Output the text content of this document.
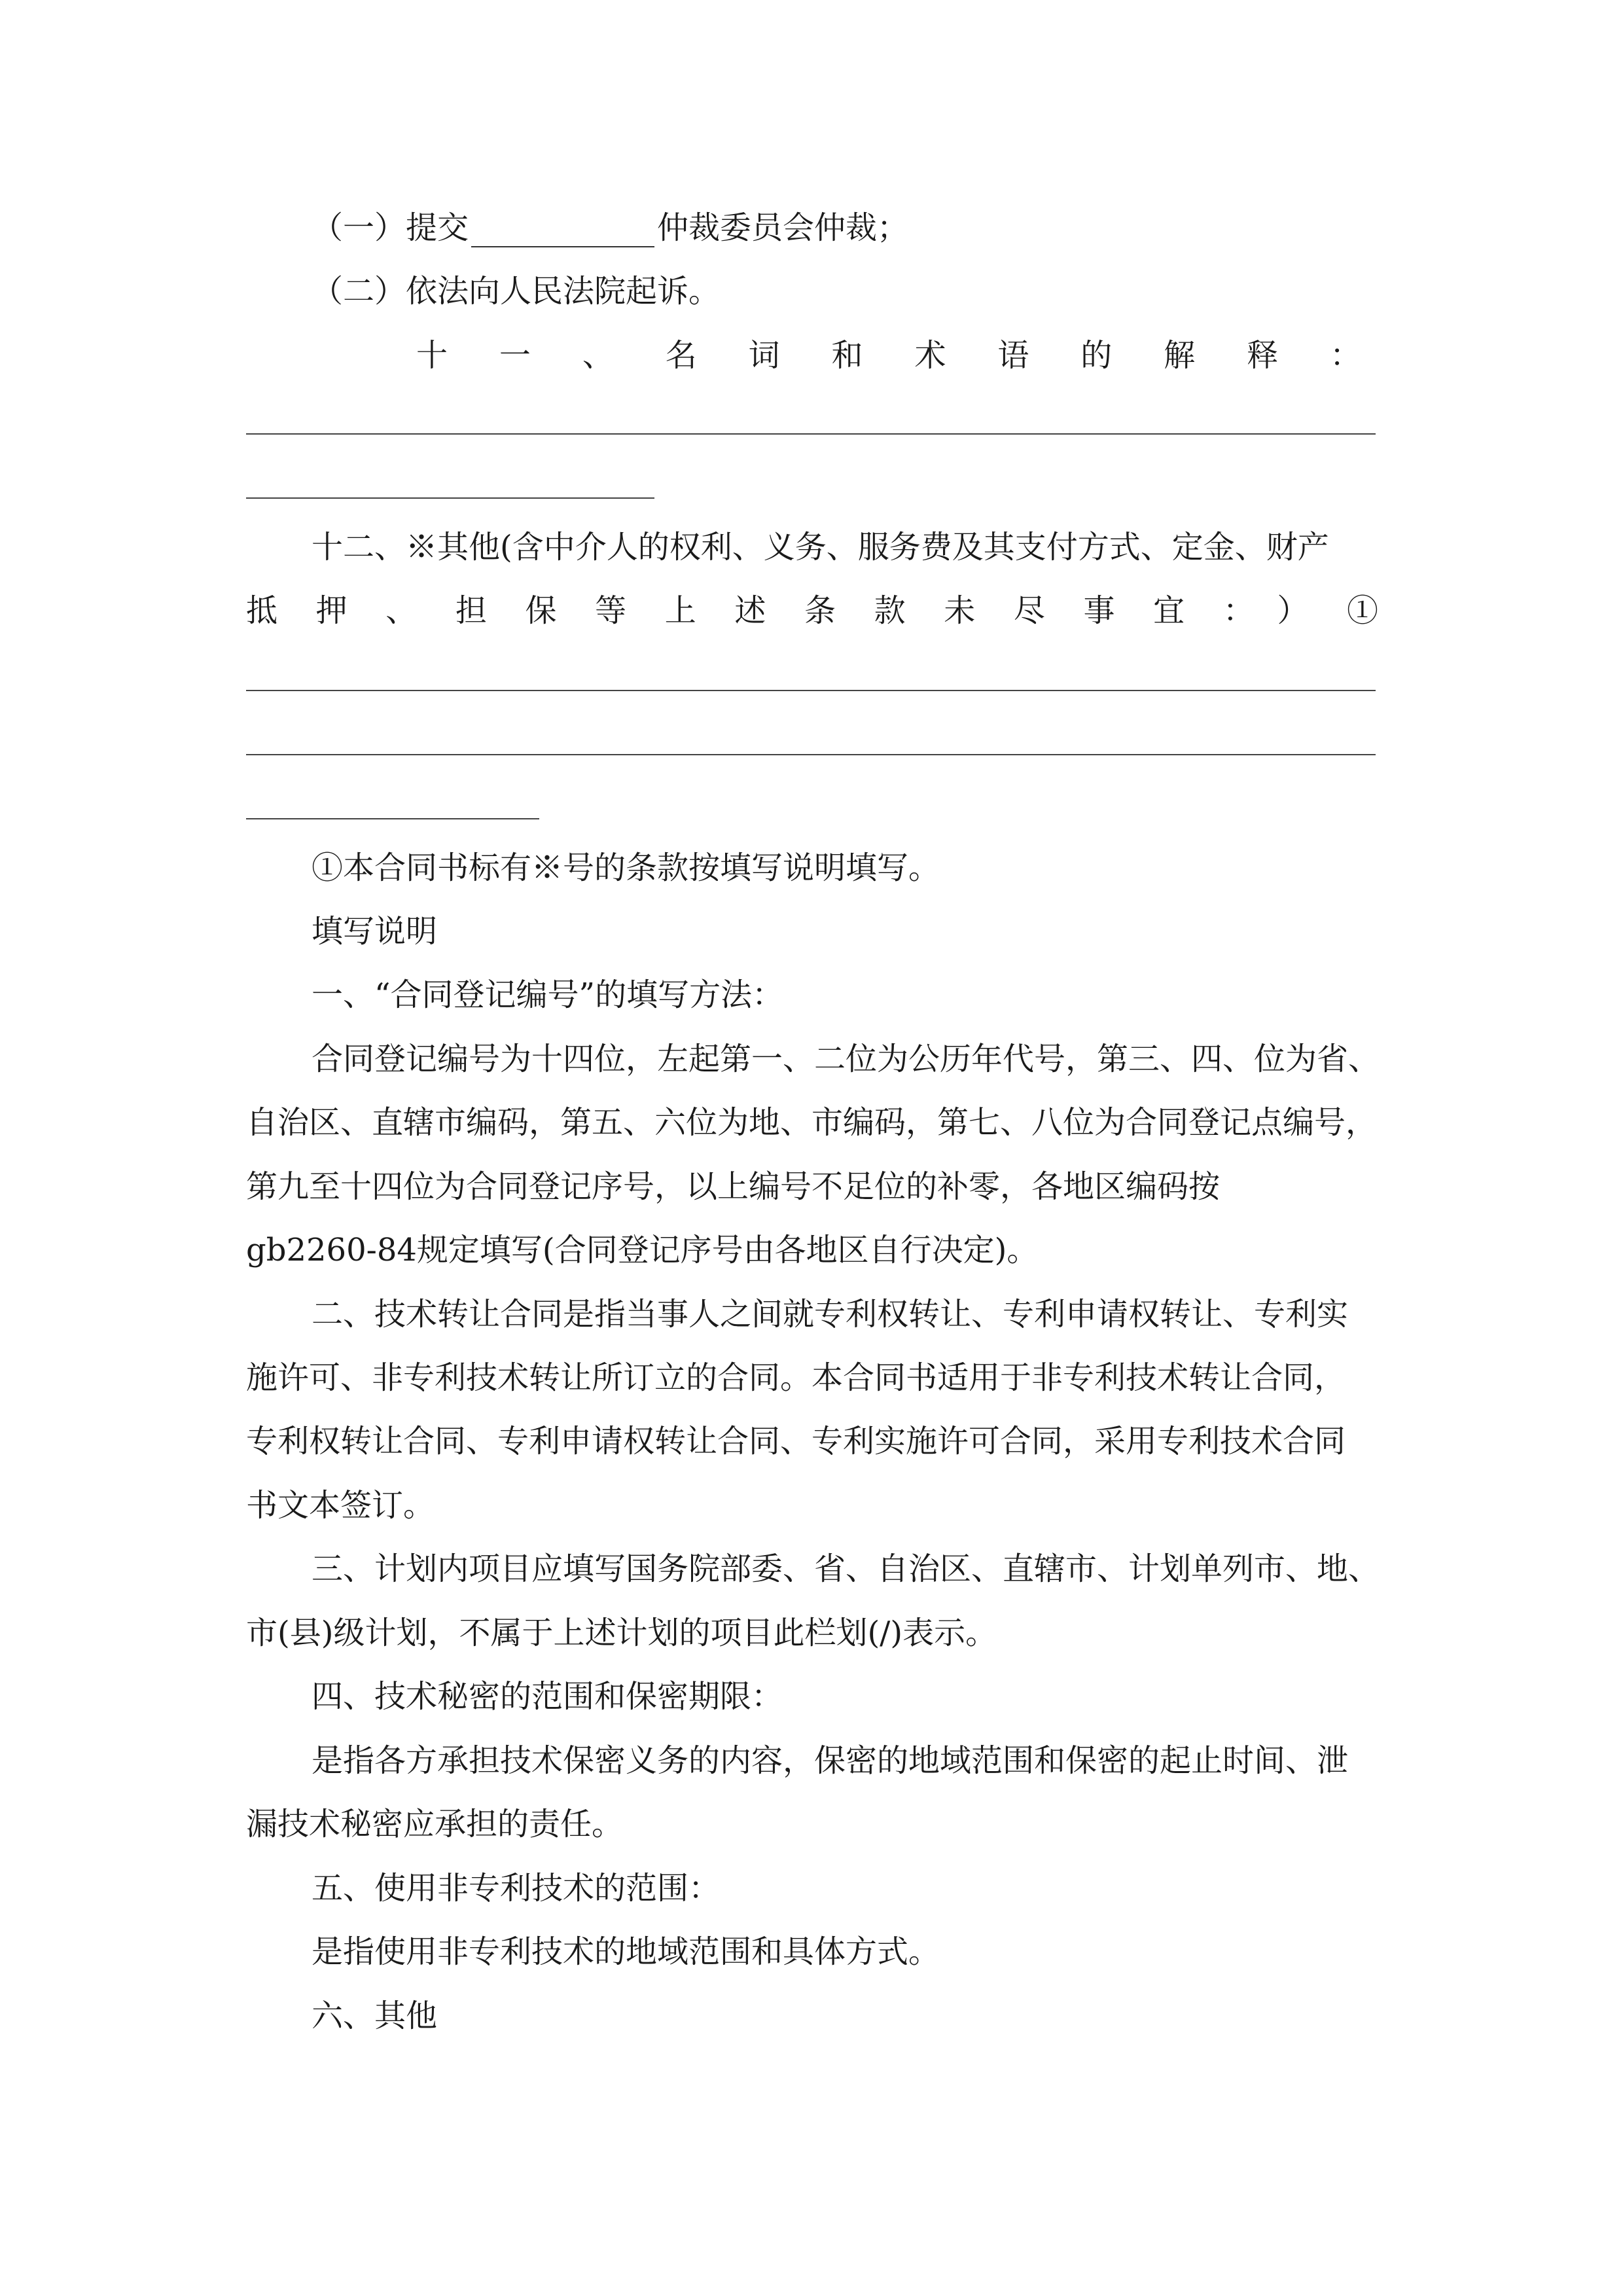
（一）提交	仲裁委员会仲裁；
（二）依法向人民法院起诉。
十一、名词和术语的解释：
十二、※其他(含中介人的权利、义务、服务费及其支付方式、定金、财产
抵押、担保等上述条款未尽事宜：）①
①本合同书标有※号的条款按填写说明填写。
填写说明
一、“合同登记编号”的填写方法：
合同登记编号为十四位，左起第一、二位为公历年代号，第三、四、位为省、
自治区、直辖市编码，第五、六位为地、市编码，第七、八位为合同登记点编号，
第九至十四位为合同登记序号，以上编号不足位的补零，各地区编码按
gb2260-84规定填写(合同登记序号由各地区自行决定)。
二、技术转让合同是指当事人之间就专利权转让、专利申请权转让、专利实
施许可、非专利技术转让所订立的合同。本合同书适用于非专利技术转让合同，
专利权转让合同、专利申请权转让合同、专利实施许可合同，采用专利技术合同
书文本签订。
三、计划内项目应填写国务院部委、省、自治区、直辖市、计划单列市、地、
市(县)级计划，不属于上述计划的项目此栏划(/)表示。
四、技术秘密的范围和保密期限：
是指各方承担技术保密义务的内容，保密的地域范围和保密的起止时间、泄
漏技术秘密应承担的责任。
五、使用非专利技术的范围：
是指使用非专利技术的地域范围和具体方式。
六、其他
